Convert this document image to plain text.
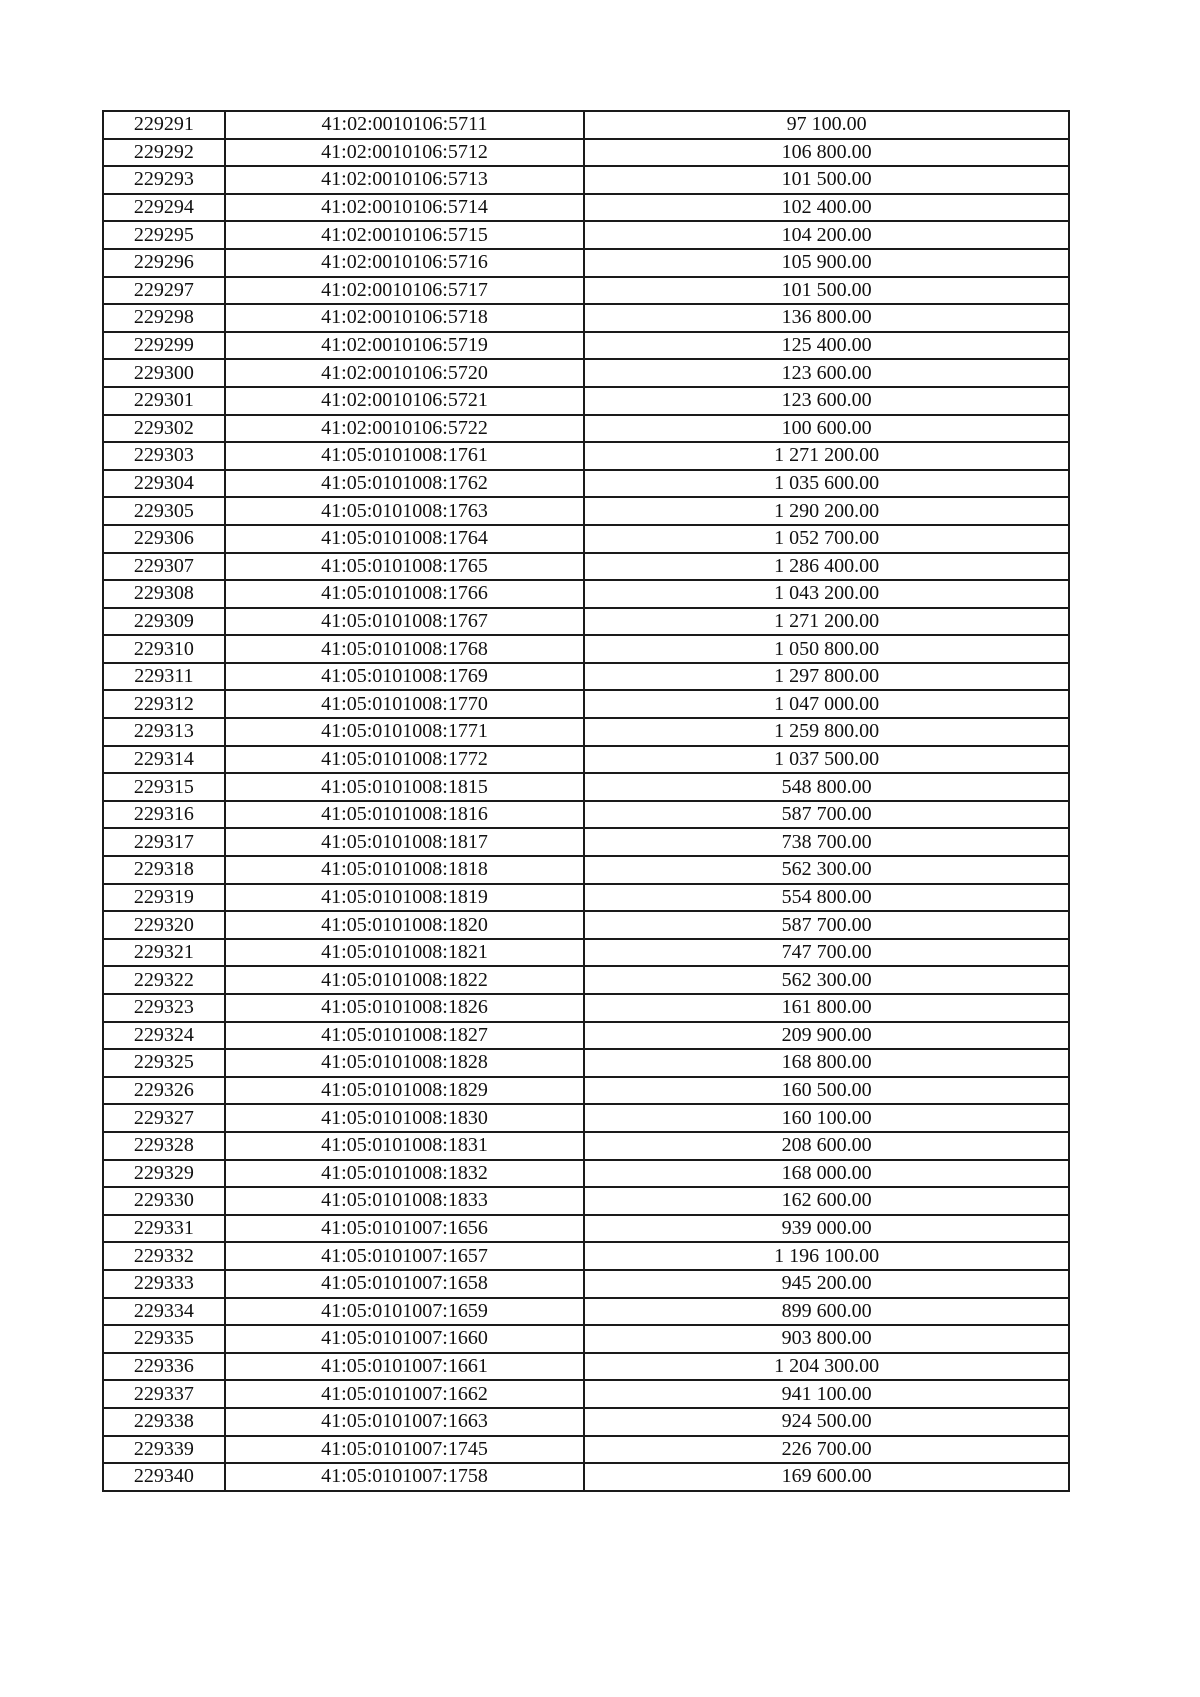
229291	41:02:0010106:5711	97 100.00
229292	41:02:0010106:5712	106 800.00
229293	41:02:0010106:5713	101 500.00
229294	41:02:0010106:5714	102 400.00
229295	41:02:0010106:5715	104 200.00
229296	41:02:0010106:5716	105 900.00
229297	41:02:0010106:5717	101 500.00
229298	41:02:0010106:5718	136 800.00
229299	41:02:0010106:5719	125 400.00
229300	41:02:0010106:5720	123 600.00
229301	41:02:0010106:5721	123 600.00
229302	41:02:0010106:5722	100 600.00
229303	41:05:0101008:1761	1 271 200.00
229304	41:05:0101008:1762	1 035 600.00
229305	41:05:0101008:1763	1 290 200.00
229306	41:05:0101008:1764	1 052 700.00
229307	41:05:0101008:1765	1 286 400.00
229308	41:05:0101008:1766	1 043 200.00
229309	41:05:0101008:1767	1 271 200.00
229310	41:05:0101008:1768	1 050 800.00
229311	41:05:0101008:1769	1 297 800.00
229312	41:05:0101008:1770	1 047 000.00
229313	41:05:0101008:1771	1 259 800.00
229314	41:05:0101008:1772	1 037 500.00
229315	41:05:0101008:1815	548 800.00
229316	41:05:0101008:1816	587 700.00
229317	41:05:0101008:1817	738 700.00
229318	41:05:0101008:1818	562 300.00
229319	41:05:0101008:1819	554 800.00
229320	41:05:0101008:1820	587 700.00
229321	41:05:0101008:1821	747 700.00
229322	41:05:0101008:1822	562 300.00
229323	41:05:0101008:1826	161 800.00
229324	41:05:0101008:1827	209 900.00
229325	41:05:0101008:1828	168 800.00
229326	41:05:0101008:1829	160 500.00
229327	41:05:0101008:1830	160 100.00
229328	41:05:0101008:1831	208 600.00
229329	41:05:0101008:1832	168 000.00
229330	41:05:0101008:1833	162 600.00
229331	41:05:0101007:1656	939 000.00
229332	41:05:0101007:1657	1 196 100.00
229333	41:05:0101007:1658	945 200.00
229334	41:05:0101007:1659	899 600.00
229335	41:05:0101007:1660	903 800.00
229336	41:05:0101007:1661	1 204 300.00
229337	41:05:0101007:1662	941 100.00
229338	41:05:0101007:1663	924 500.00
229339	41:05:0101007:1745	226 700.00
229340	41:05:0101007:1758	169 600.00
